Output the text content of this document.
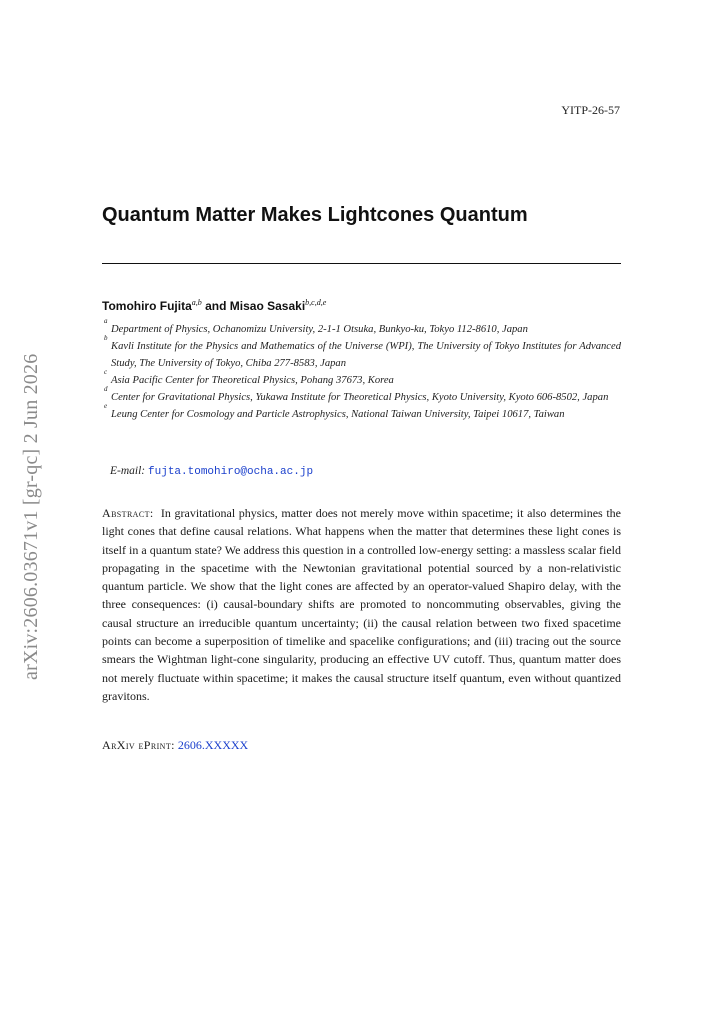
YITP-26-57
arXiv:2606.03671v1 [gr-qc] 2 Jun 2026
Quantum Matter Makes Lightcones Quantum
Tomohiro Fujita$^{a,b}$ and Misao Sasaki$^{b,c,d,e}$
a
Department of Physics, Ochanomizu University, 2-1-1 Otsuka, Bunkyo-ku, Tokyo 112-8610, Japan
b
Kavli Institute for the Physics and Mathematics of the Universe (WPI), The University of Tokyo Institutes for Advanced Study, The University of Tokyo, Chiba 277-8583, Japan
c
Asia Pacific Center for Theoretical Physics, Pohang 37673, Korea
d
Center for Gravitational Physics, Yukawa Institute for Theoretical Physics, Kyoto University, Kyoto 606-8502, Japan
e
Leung Center for Cosmology and Particle Astrophysics, National Taiwan University, Taipei 10617, Taiwan
E-mail: fujta.tomohiro@ocha.ac.jp

Abstract: In gravitational physics, matter does not merely move within spacetime; it also determines the light cones that define causal relations. What happens when the matter that determines these light cones is itself in a quantum state? We address this question in a controlled low-energy setting: a massless scalar field propagating in the spacetime with the Newtonian gravitational potential sourced by a non-relativistic quantum particle. We show that the light cones are affected by an operator-valued Shapiro delay, with the three consequences: (i) causal-boundary shifts are promoted to noncommuting observables, giving the causal structure an irreducible quantum uncertainty; (ii) the causal relation between two fixed spacetime points can become a superposition of timelike and spacelike configurations; and (iii) tracing out the source smears the Wightman light-cone singularity, producing an effective UV cutoff. Thus, quantum matter does not merely fluctuate within spacetime; it makes the causal structure itself quantum, even without quantized gravitons.

ArXiv ePrint: 2606.XXXXX
